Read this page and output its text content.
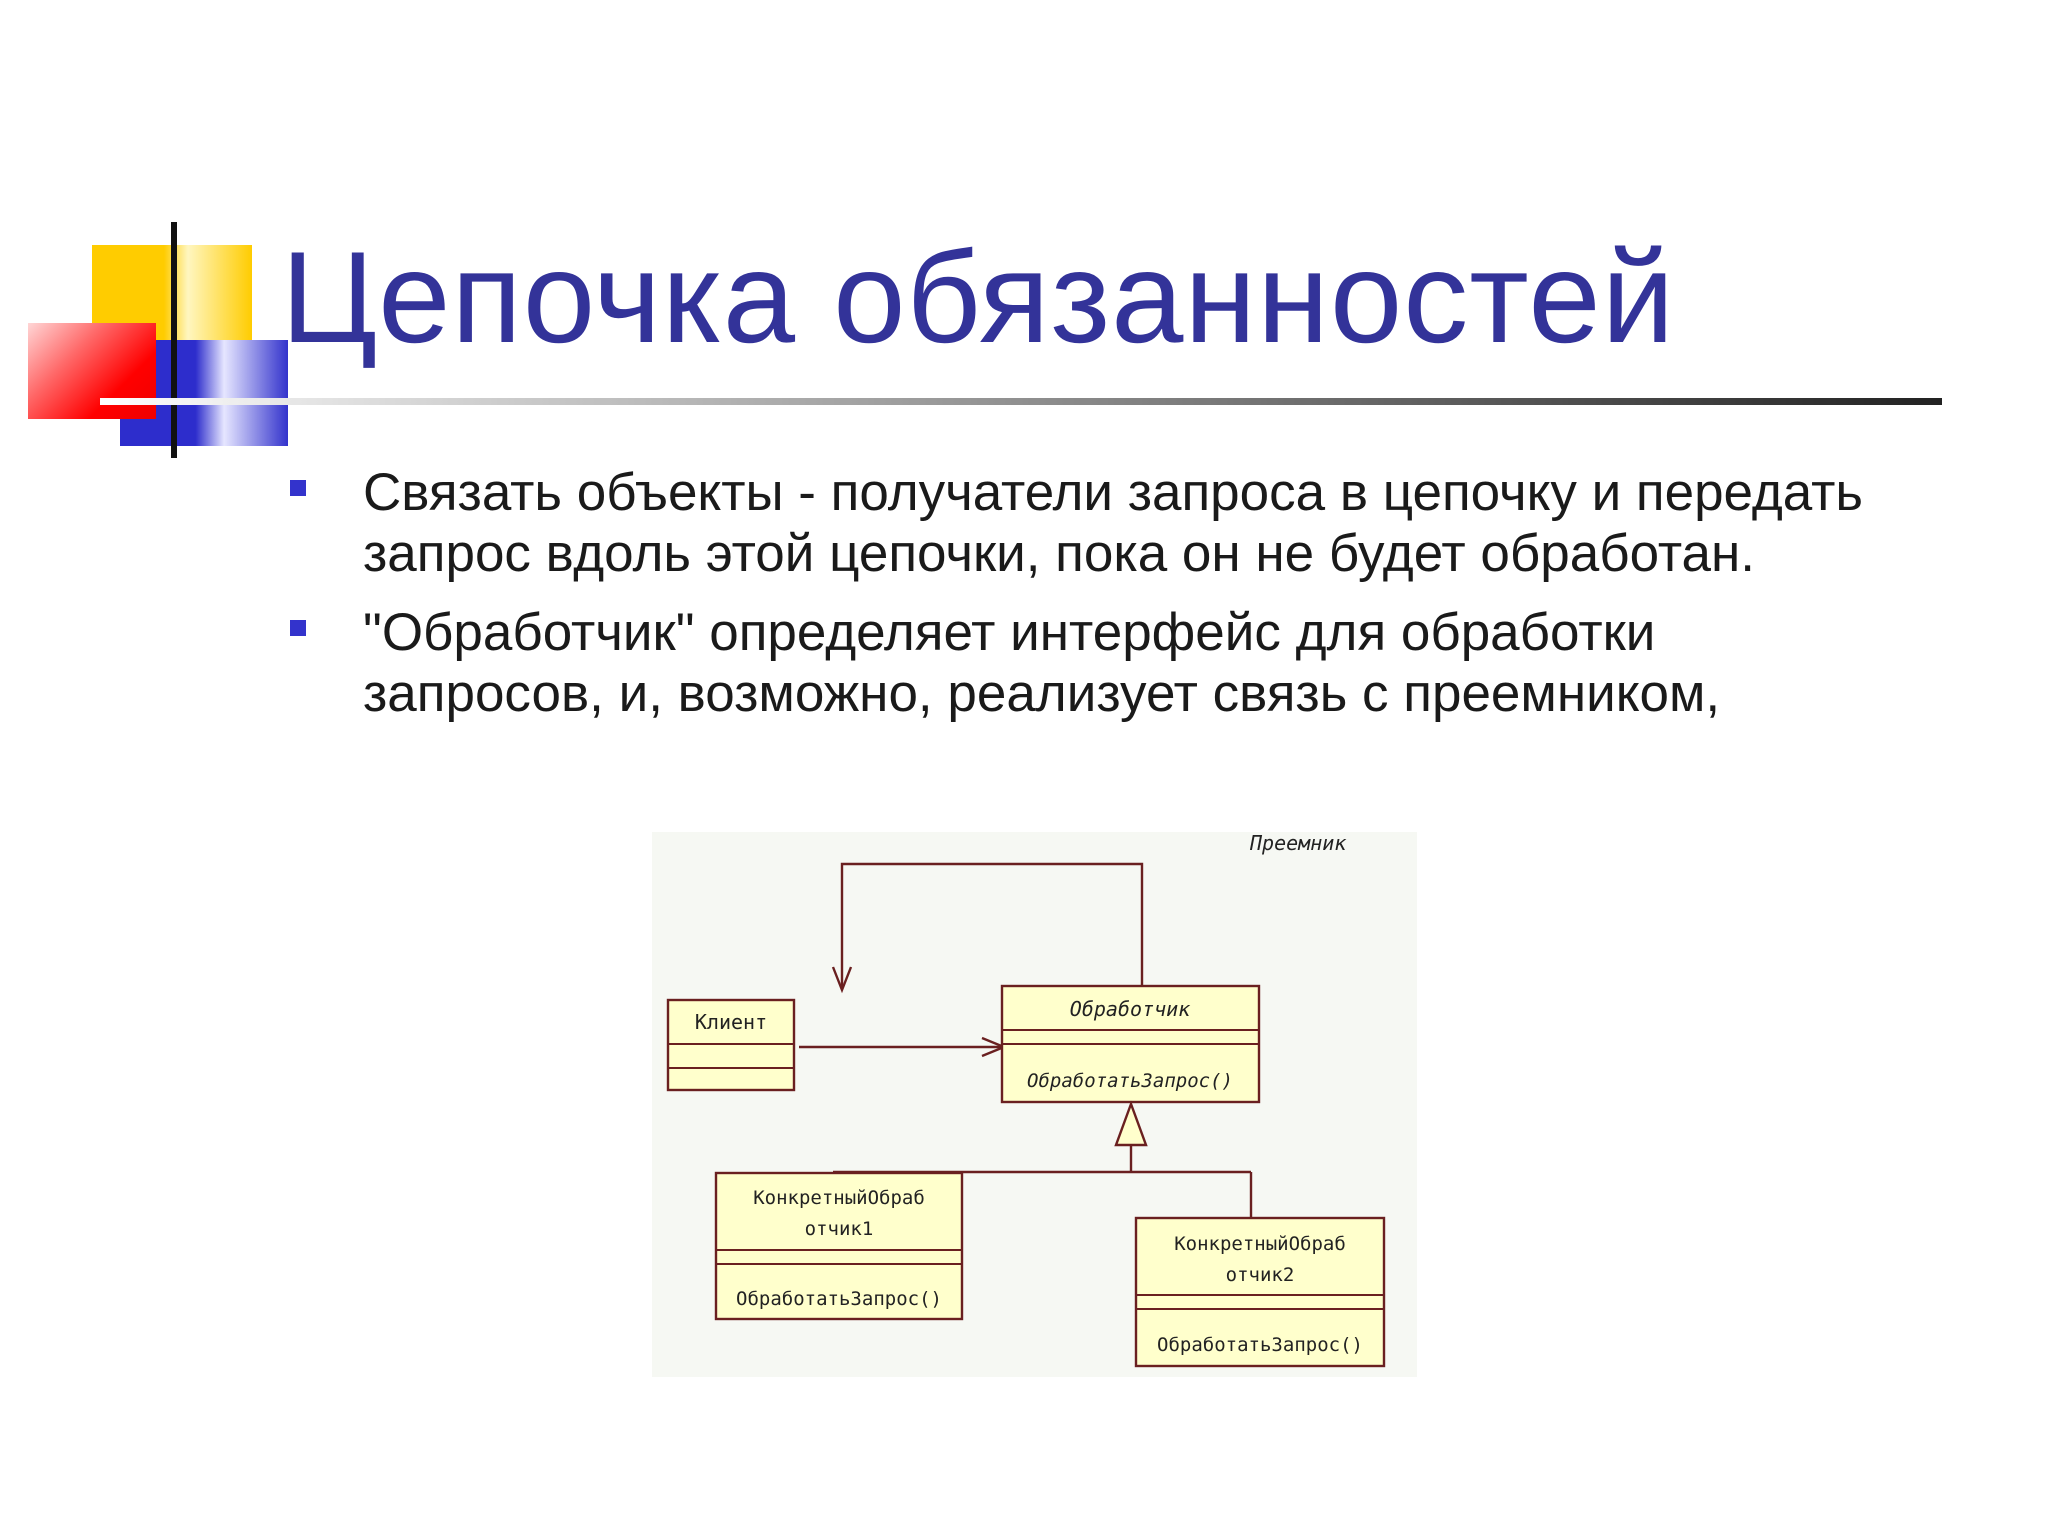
Цепочка обязанностей
Связать объекты - получатели запроса в цепочку и передать запрос вдоль этой цепочки, пока он не будет обработан.
"Обработчик" определяет интерфейс для обработки запросов, и, возможно, реализует связь с преемником,
Преемник
Клиент
Обработчик
ОбработатьЗапрос()
КонкретныйОбраб
отчик1
ОбработатьЗапрос()
КонкретныйОбраб
отчик2
ОбработатьЗапрос()
